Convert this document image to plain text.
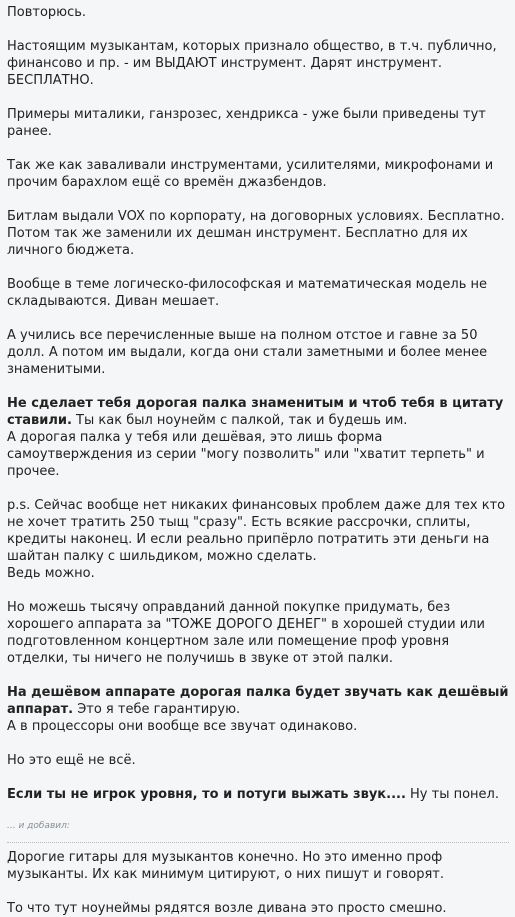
Повторюсь.

Настоящим музыкантам, которых признало общество, в т.ч. публично, финансово и пр. - им ВЫДАЮТ инструмент. Дарят инструмент. БЕСПЛАТНО.

Примеры миталики, ганзрозес, хендрикса - уже были приведены тут ранее.

Так же как заваливали инструментами, усилителями, микрофонами и прочим барахлом ещё со времён джазбендов.

Битлам выдали VOX по корпорату, на договорных условиях. Бесплатно. Потом так же заменили их дешман инструмент. Бесплатно для их личного бюджета.

Вообще в теме логическо-философская и математическая модель не складываются. Диван мешает.

А учились все перечисленные выше на полном отстое и гавне за 50 долл. А потом им выдали, когда они стали заметными и более менее знаменитыми.

Не сделает тебя дорогая палка знаменитым и чтоб тебя в цитату ставили. Ты как был ноунейм с палкой, так и будешь им.
А дорогая палка у тебя или дешёвая, это лишь форма самоутверждения из серии "могу позволить" или "хватит терпеть" и прочее.

p.s. Сейчас вообще нет никаких финансовых проблем даже для тех кто не хочет тратить 250 тыщ "сразу". Есть всякие рассрочки, сплиты, кредиты наконец. И если реально припёрло потратить эти деньги на шайтан палку с шильдиком, можно сделать.
Ведь можно.

Но можешь тысячу оправданий данной покупке придумать, без хорошего аппарата за "ТОЖЕ ДОРОГО ДЕНЕГ" в хорошей студии или подготовленном концертном зале или помещение проф уровня отделки, ты ничего не получишь в звуке от этой палки.

На дешёвом аппарате дорогая палка будет звучать как дешёвый аппарат. Это я тебе гарантирую.
А в процессоры они вообще все звучат одинаково.

Но это ещё не всё.

Если ты не игрок уровня, то и потуги выжать звук.... Ну ты понел.

... и добавил:

Дорогие гитары для музыкантов конечно. Но это именно проф музыканты. Их как минимум цитируют, о них пишут и говорят.

То что тут ноунеймы рядятся возле дивана это просто смешно.
